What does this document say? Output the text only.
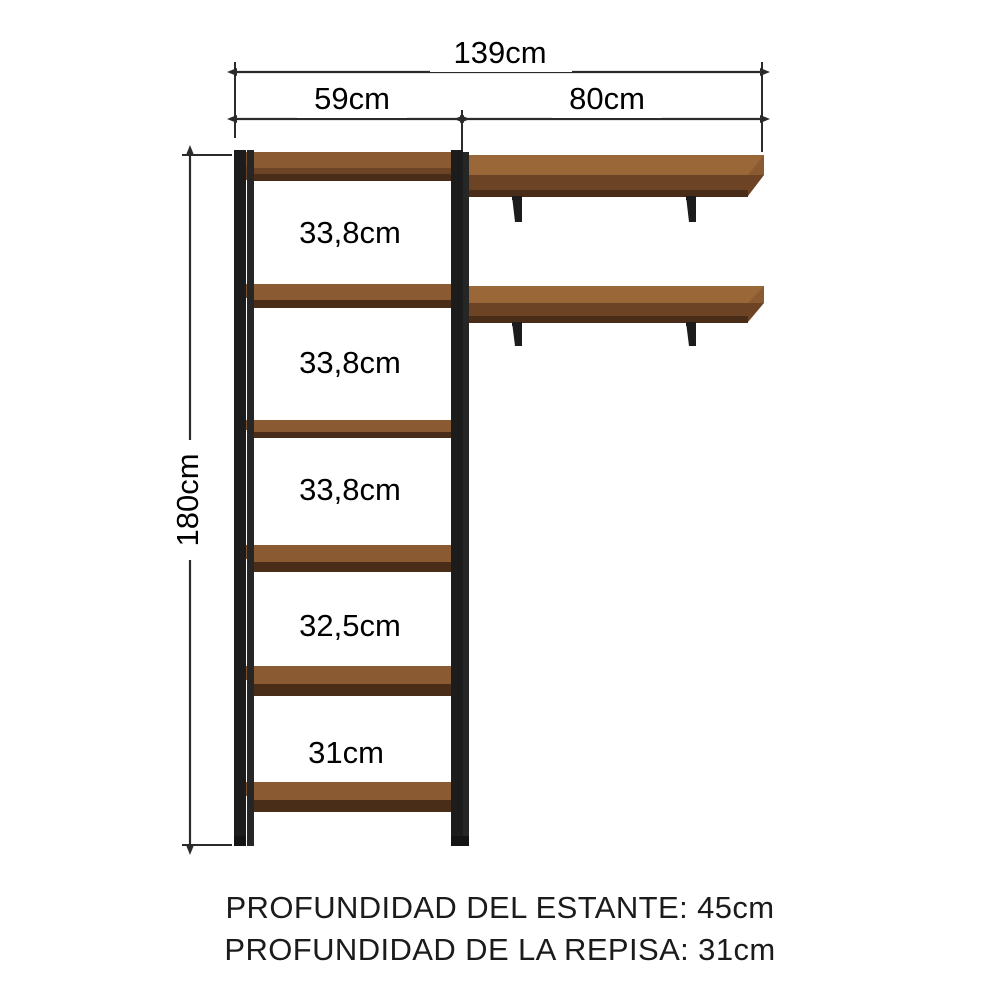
139cm
59cm	80cm
180cm
33,8cm
33,8cm
33,8cm
32,5cm
31cm
PROFUNDIDAD DEL ESTANTE: 45cm
PROFUNDIDAD DE LA REPISA: 31cm
